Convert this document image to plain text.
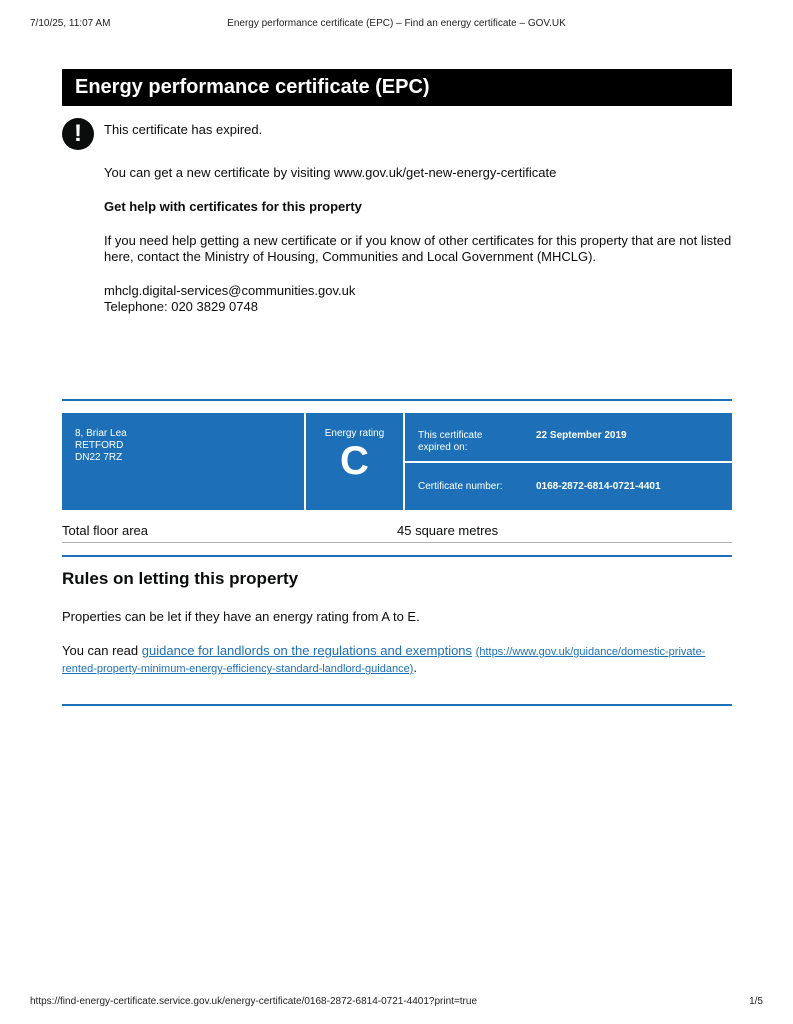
7/10/25, 11:07 AM	Energy performance certificate (EPC) – Find an energy certificate – GOV.UK
Energy performance certificate (EPC)
!	This certificate has expired.

You can get a new certificate by visiting www.gov.uk/get-new-energy-certificate

Get help with certificates for this property

If you need help getting a new certificate or if you know of other certificates for this property that are not listed here, contact the Ministry of Housing, Communities and Local Government (MHCLG).

mhclg.digital-services@communities.gov.uk

Telephone: 020 3829 0748

8, Briar Lea
RETFORD
DN22 7RZ
Energy rating
C
This certificate expired on:
22 September 2019
Certificate number:	0168-2872-6814-0721-4401
Total floor area	45 square metres
Rules on letting this property

Properties can be let if they have an energy rating from A to E.

You can read guidance for landlords on the regulations and exemptions (https://www.gov.uk/guidance/domestic-private-rented-property-minimum-energy-efficiency-standard-landlord-guidance).

https://find-energy-certificate.service.gov.uk/energy-certificate/0168-2872-6814-0721-4401?print=true	1/5
